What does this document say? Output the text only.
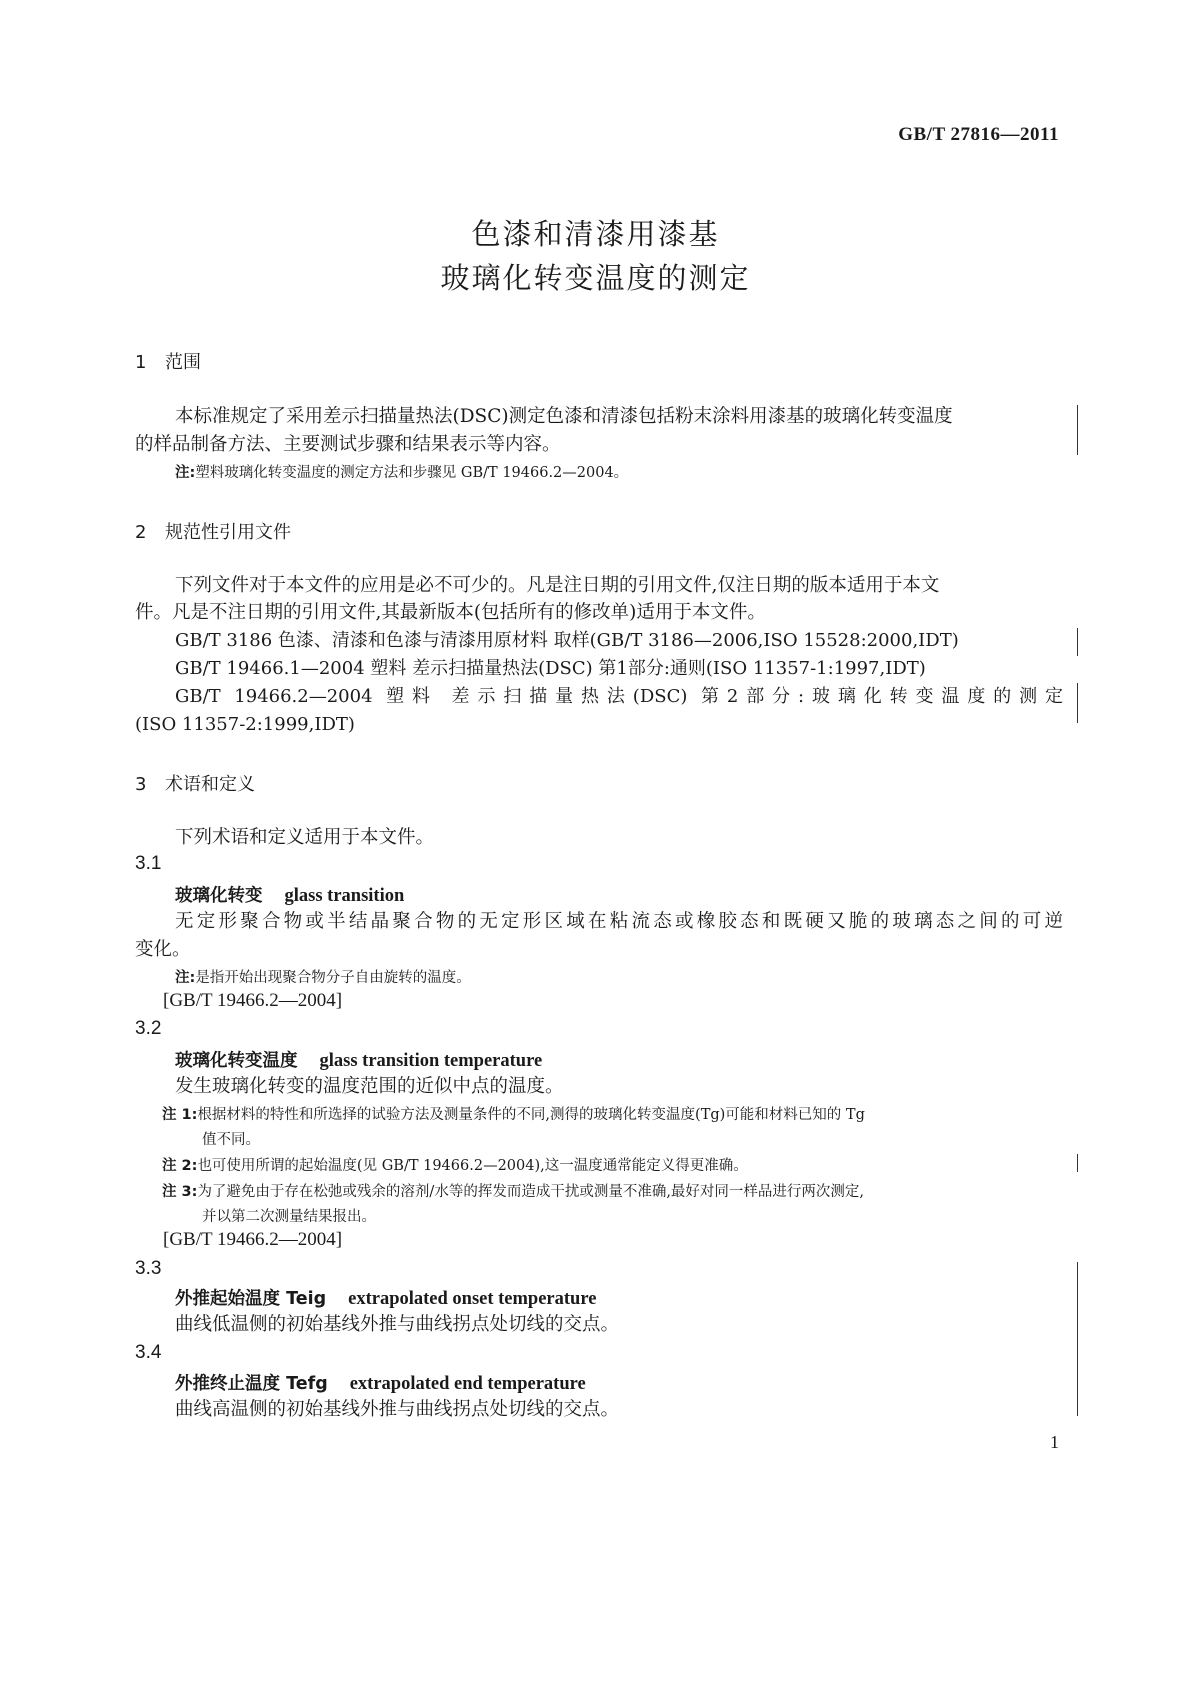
GB/T 27816—2011
色漆和清漆用漆基
玻璃化转变温度的测定
1 范围
本标准规定了采用差示扫描量热法(DSC)测定色漆和清漆包括粉末涂料用漆基的玻璃化转变温度
的样品制备方法、主要测试步骤和结果表示等内容。
注:塑料玻璃化转变温度的测定方法和步骤见 GB/T 19466.2—2004。
2 规范性引用文件
下列文件对于本文件的应用是必不可少的。凡是注日期的引用文件,仅注日期的版本适用于本文
件。凡是不注日期的引用文件,其最新版本(包括所有的修改单)适用于本文件。
GB/T 3186 色漆、清漆和色漆与清漆用原材料 取样(GB/T 3186—2006,ISO 15528:2000,IDT)
GB/T 19466.1—2004 塑料 差示扫描量热法(DSC) 第1部分:通则(ISO 11357-1:1997,IDT)
GB/T 19466.2—2004 塑料 差示扫描量热法(DSC) 第2部分:玻璃化转变温度的测定
(ISO 11357-2:1999,IDT)
3 术语和定义
下列术语和定义适用于本文件。
3.1
玻璃化转变 glass transition
无定形聚合物或半结晶聚合物的无定形区域在粘流态或橡胶态和既硬又脆的玻璃态之间的可逆
变化。
注:是指开始出现聚合物分子自由旋转的温度。
[GB/T 19466.2—2004]
3.2
玻璃化转变温度 glass transition temperature
发生玻璃化转变的温度范围的近似中点的温度。
注 1:根据材料的特性和所选择的试验方法及测量条件的不同,测得的玻璃化转变温度(Tg)可能和材料已知的 Tg
值不同。
注 2:也可使用所谓的起始温度(见 GB/T 19466.2—2004),这一温度通常能定义得更准确。
注 3:为了避免由于存在松弛或残余的溶剂/水等的挥发而造成干扰或测量不准确,最好对同一样品进行两次测定,
并以第二次测量结果报出。
[GB/T 19466.2—2004]
3.3
外推起始温度 Teig extrapolated onset temperature
曲线低温侧的初始基线外推与曲线拐点处切线的交点。
3.4
外推终止温度 Tefg extrapolated end temperature
曲线高温侧的初始基线外推与曲线拐点处切线的交点。
1
